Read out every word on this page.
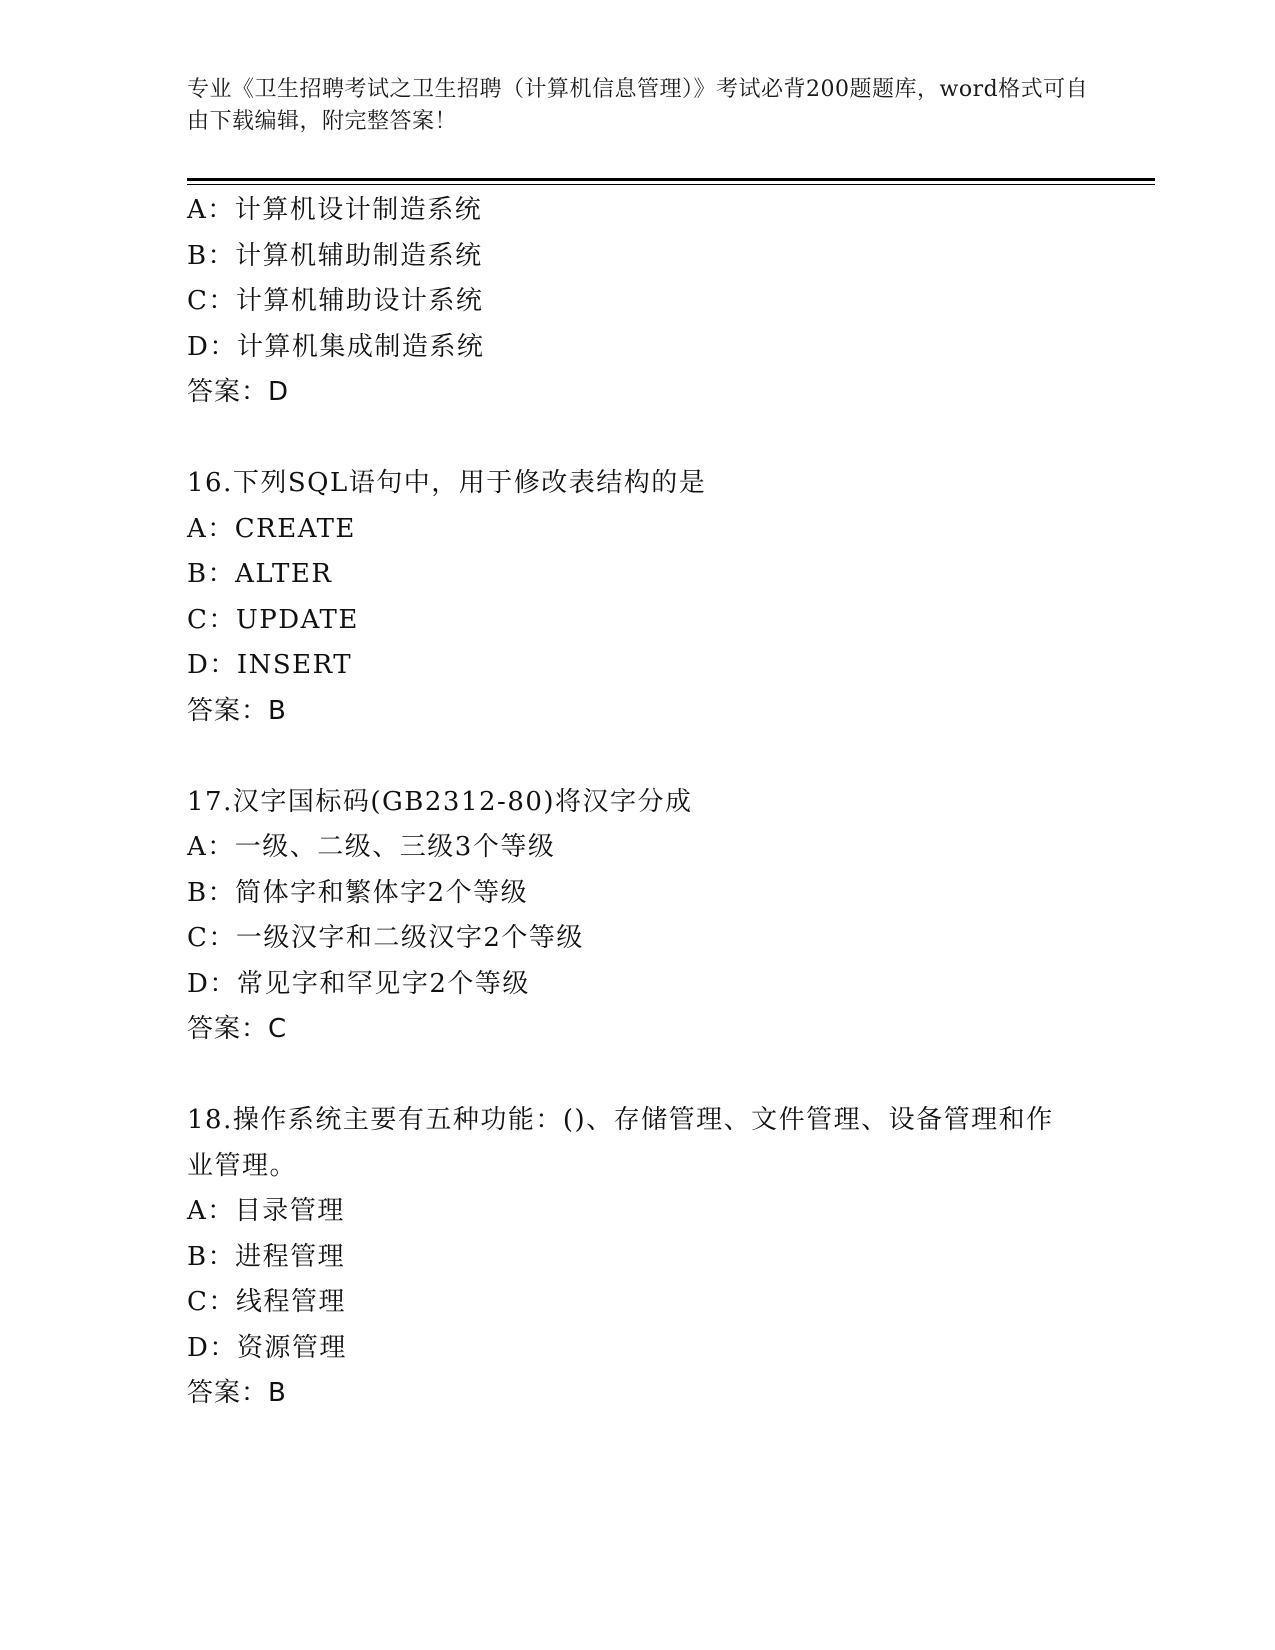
专业《卫生招聘考试之卫生招聘（计算机信息管理）》考试必背200题题库，word格式可自由下载编辑，附完整答案！
A：计算机设计制造系统
B：计算机辅助制造系统
C：计算机辅助设计系统
D：计算机集成制造系统
答案：D
16.下列SQL语句中，用于修改表结构的是
A：CREATE
B：ALTER
C：UPDATE
D：INSERT
答案：B
17.汉字国标码(GB2312-80)将汉字分成
A：一级、二级、三级3个等级
B：简体字和繁体字2个等级
C：一级汉字和二级汉字2个等级
D：常见字和罕见字2个等级
答案：C
18.操作系统主要有五种功能：()、存储管理、文件管理、设备管理和作业管理。
A：目录管理
B：进程管理
C：线程管理
D：资源管理
答案：B
